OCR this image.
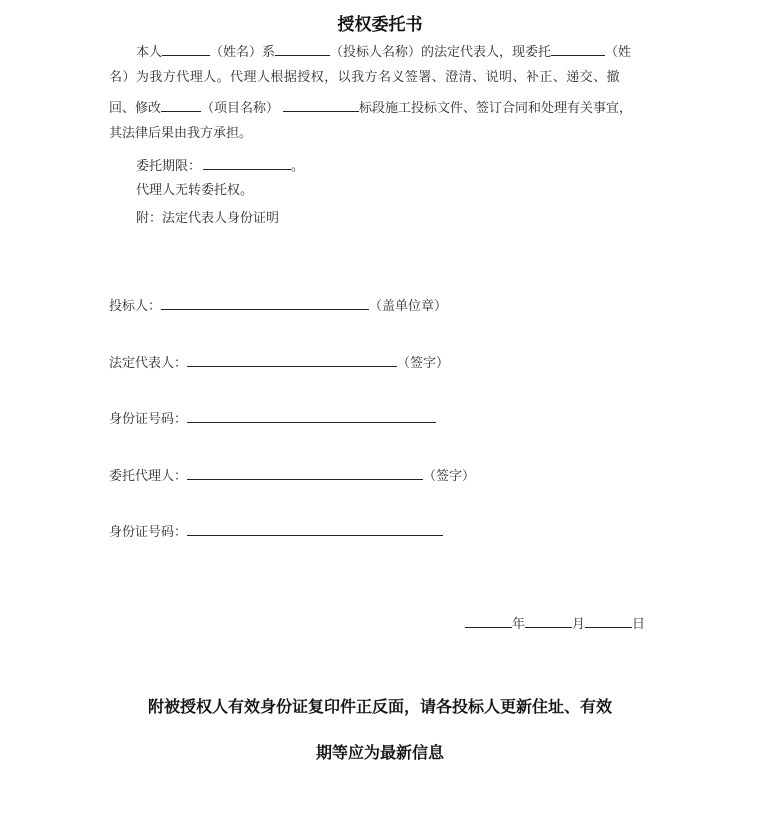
授权委托书
本人	（姓名）系	（投标人名称）的法定代表人，现委托	（姓
名）为我方代理人。代理人根据授权，以我方名义签署、澄清、说明、补正、递交、撤
回、修改	（项目名称）	标段施工投标文件、签订合同和处理有关事宜，
其法律后果由我方承担。
委托期限：	。
代理人无转委托权。
附：法定代表人身份证明
投标人：	（盖单位章）
法定代表人：	（签字）
身份证号码：
委托代理人：	（签字）
身份证号码：
年	月	日
附被授权人有效身份证复印件正反面，请各投标人更新住址、有效
期等应为最新信息
